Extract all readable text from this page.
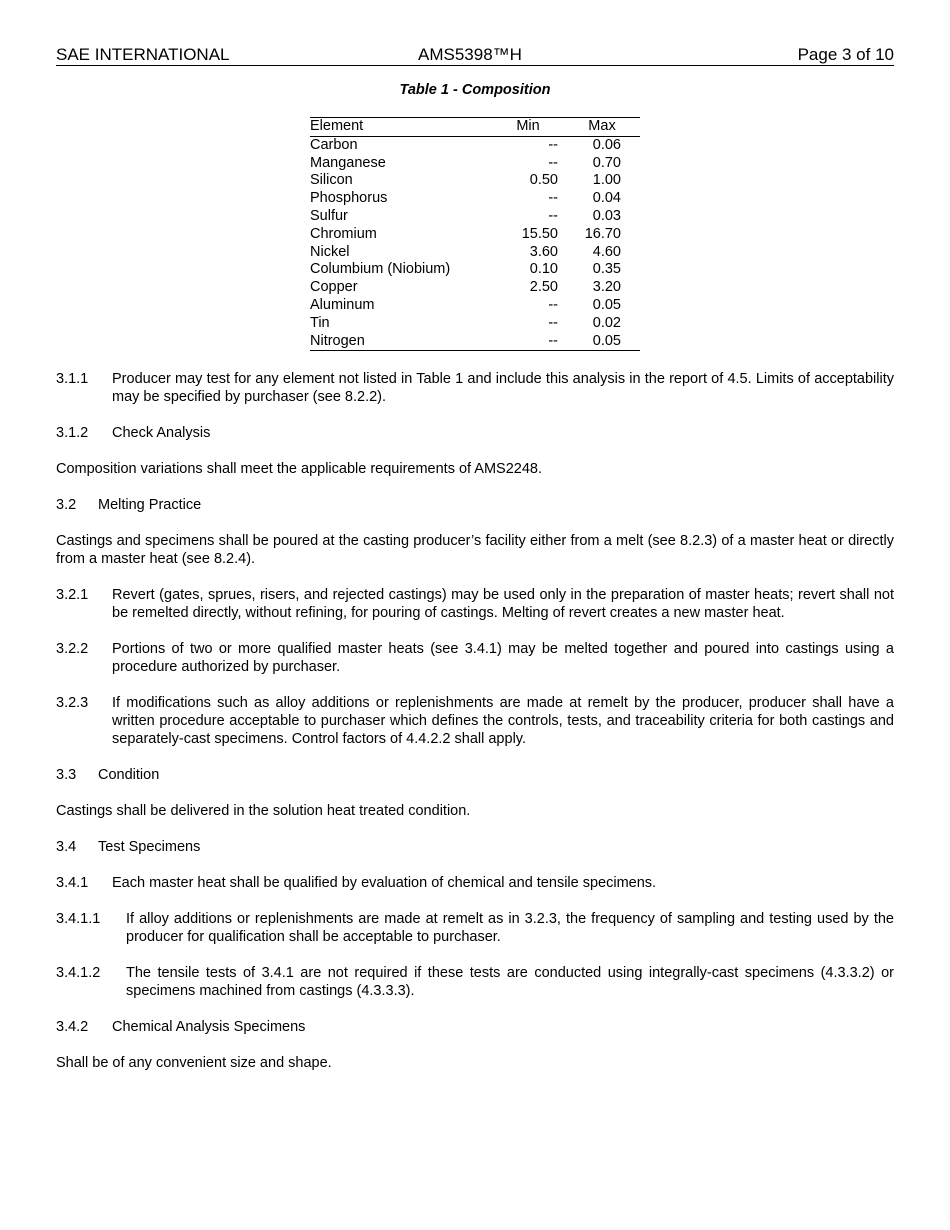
SAE INTERNATIONAL	AMS5398™H	Page 3 of 10
Table 1 - Composition
Element	Min	Max
Carbon	--	0.06
Manganese	--	0.70
Silicon	0.50	1.00
Phosphorus	--	0.04
Sulfur	--	0.03
Chromium	15.50	16.70
Nickel	3.60	4.60
Columbium (Niobium)	0.10	0.35
Copper	2.50	3.20
Aluminum	--	0.05
Tin	--	0.02
Nitrogen	--	0.05
3.1.1	Producer may test for any element not listed in Table 1 and include this analysis in the report of 4.5. Limits of acceptability may be specified by purchaser (see 8.2.2).
3.1.2	Check Analysis

Composition variations shall meet the applicable requirements of AMS2248.

3.2	Melting Practice

Castings and specimens shall be poured at the casting producer’s facility either from a melt (see 8.2.3) of a master heat or directly from a master heat (see 8.2.4).

3.2.1	Revert (gates, sprues, risers, and rejected castings) may be used only in the preparation of master heats; revert shall not be remelted directly, without refining, for pouring of castings. Melting of revert creates a new master heat.
3.2.2	Portions of two or more qualified master heats (see 3.4.1) may be melted together and poured into castings using a procedure authorized by purchaser.
3.2.3	If modifications such as alloy additions or replenishments are made at remelt by the producer, producer shall have a written procedure acceptable to purchaser which defines the controls, tests, and traceability criteria for both castings and separately-cast specimens. Control factors of 4.4.2.2 shall apply.
3.3	Condition

Castings shall be delivered in the solution heat treated condition.

3.4	Test Specimens
3.4.1	Each master heat shall be qualified by evaluation of chemical and tensile specimens.
3.4.1.1	If alloy additions or replenishments are made at remelt as in 3.2.3, the frequency of sampling and testing used by the producer for qualification shall be acceptable to purchaser.
3.4.1.2	The tensile tests of 3.4.1 are not required if these tests are conducted using integrally-cast specimens (4.3.3.2) or specimens machined from castings (4.3.3.3).
3.4.2	Chemical Analysis Specimens

Shall be of any convenient size and shape.
